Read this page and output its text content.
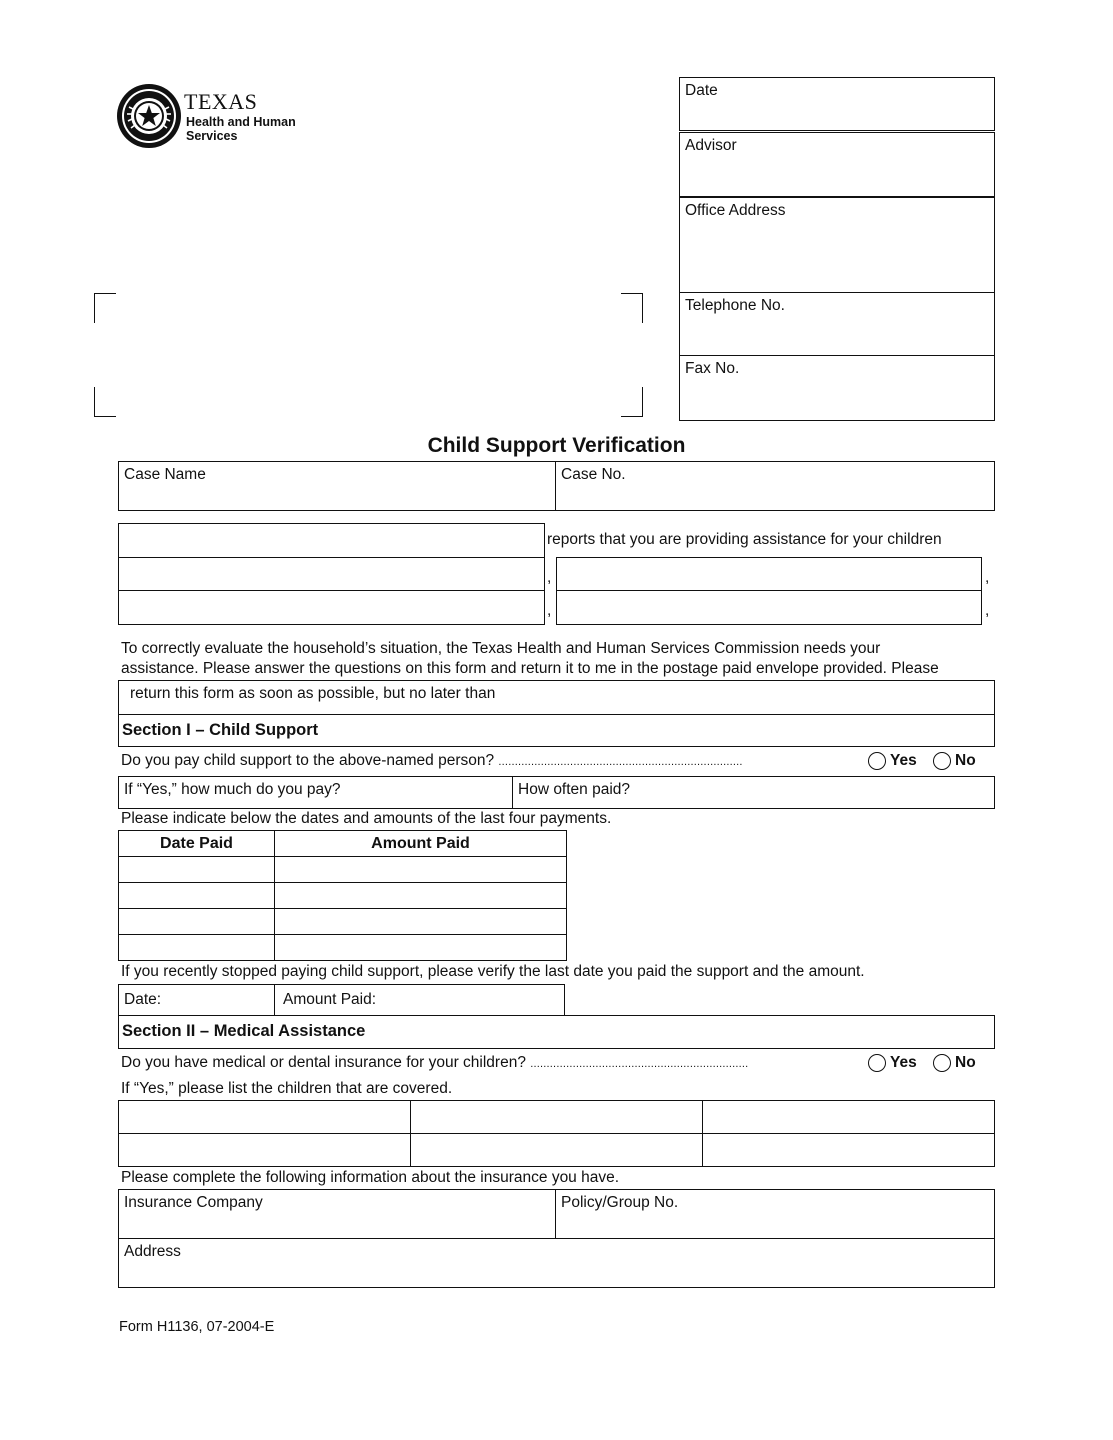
TEXAS
Health and Human
Services
Date
Advisor
Office Address
Telephone No.
Fax No.
Child Support Verification
Case Name	Case No.
reports that you are providing assistance for your children
,	,
,	,
To correctly evaluate the household’s situation, the Texas Health and Human Services Commission needs your
assistance. Please answer the questions on this form and return it to me in the postage paid envelope provided. Please
return this form as soon as possible, but no later than
Section I – Child Support
Do you pay child support to the above-named person? ...........................................................................	Yes	No
If “Yes,” how much do you pay?	How often paid?
Please indicate below the dates and amounts of the last four payments.
Date Paid	Amount Paid

If you recently stopped paying child support, please verify the last date you paid the support and the amount.
Date:	Amount Paid:
Section II – Medical Assistance
Do you have medical or dental insurance for your children? ...................................................................	Yes	No
If “Yes,” please list the children that are covered.

Please complete the following information about the insurance you have.
Insurance Company	Policy/Group No.
Address
Form H1136, 07-2004-E
